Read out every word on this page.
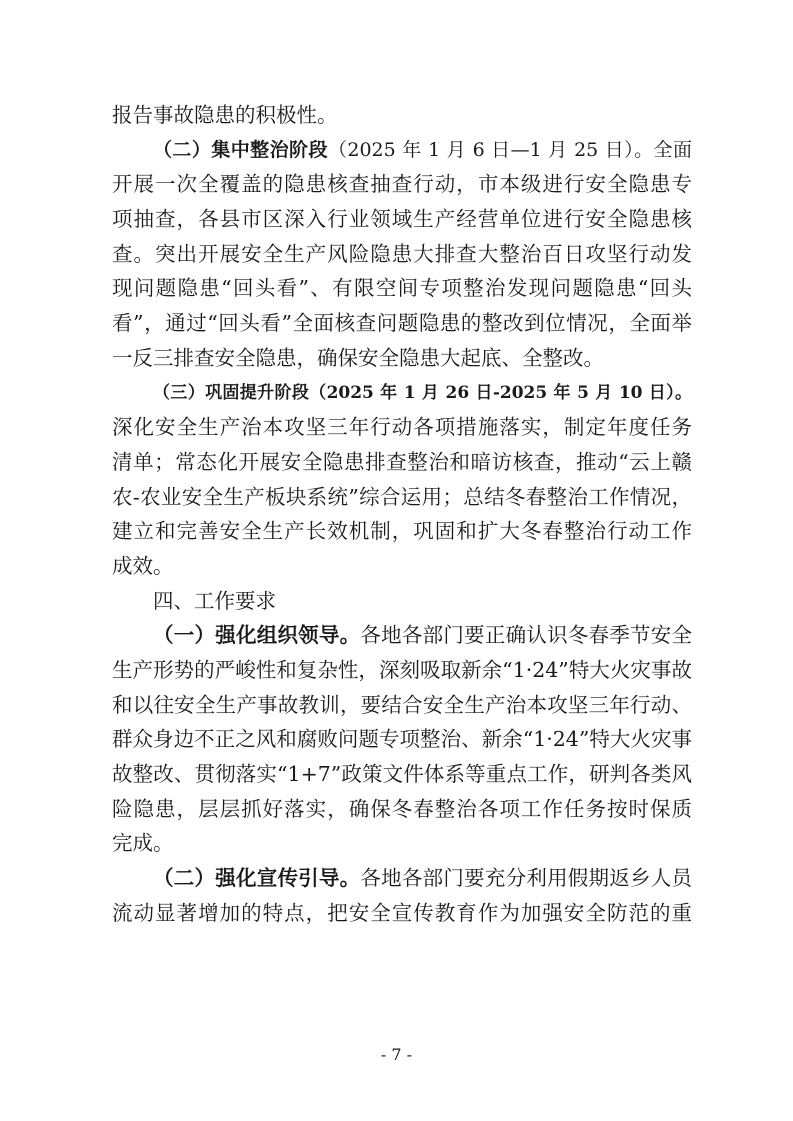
报告事故隐患的积极性。
（二）集中整治阶段（2025 年 1 月 6 日—1 月 25 日）。全面
开展一次全覆盖的隐患核查抽查行动，市本级进行安全隐患专
项抽查，各县市区深入行业领域生产经营单位进行安全隐患核
查。突出开展安全生产风险隐患大排查大整治百日攻坚行动发
现问题隐患“回头看”、有限空间专项整治发现问题隐患“回头
看”，通过“回头看”全面核查问题隐患的整改到位情况，全面举
一反三排查安全隐患，确保安全隐患大起底、全整改。
（三）巩固提升阶段（2025 年 1 月 26 日-2025 年 5 月 10 日）。
深化安全生产治本攻坚三年行动各项措施落实，制定年度任务
清单；常态化开展安全隐患排查整治和暗访核查，推动“云上赣
农-农业安全生产板块系统”综合运用；总结冬春整治工作情况，
建立和完善安全生产长效机制，巩固和扩大冬春整治行动工作
成效。
四、工作要求
（一）强化组织领导。各地各部门要正确认识冬春季节安全
生产形势的严峻性和复杂性，深刻吸取新余“1·24”特大火灾事故
和以往安全生产事故教训，要结合安全生产治本攻坚三年行动、
群众身边不正之风和腐败问题专项整治、新余“1·24”特大火灾事
故整改、贯彻落实“1+7”政策文件体系等重点工作，研判各类风
险隐患，层层抓好落实，确保冬春整治各项工作任务按时保质
完成。
（二）强化宣传引导。各地各部门要充分利用假期返乡人员
流动显著增加的特点，把安全宣传教育作为加强安全防范的重
- 7 -
